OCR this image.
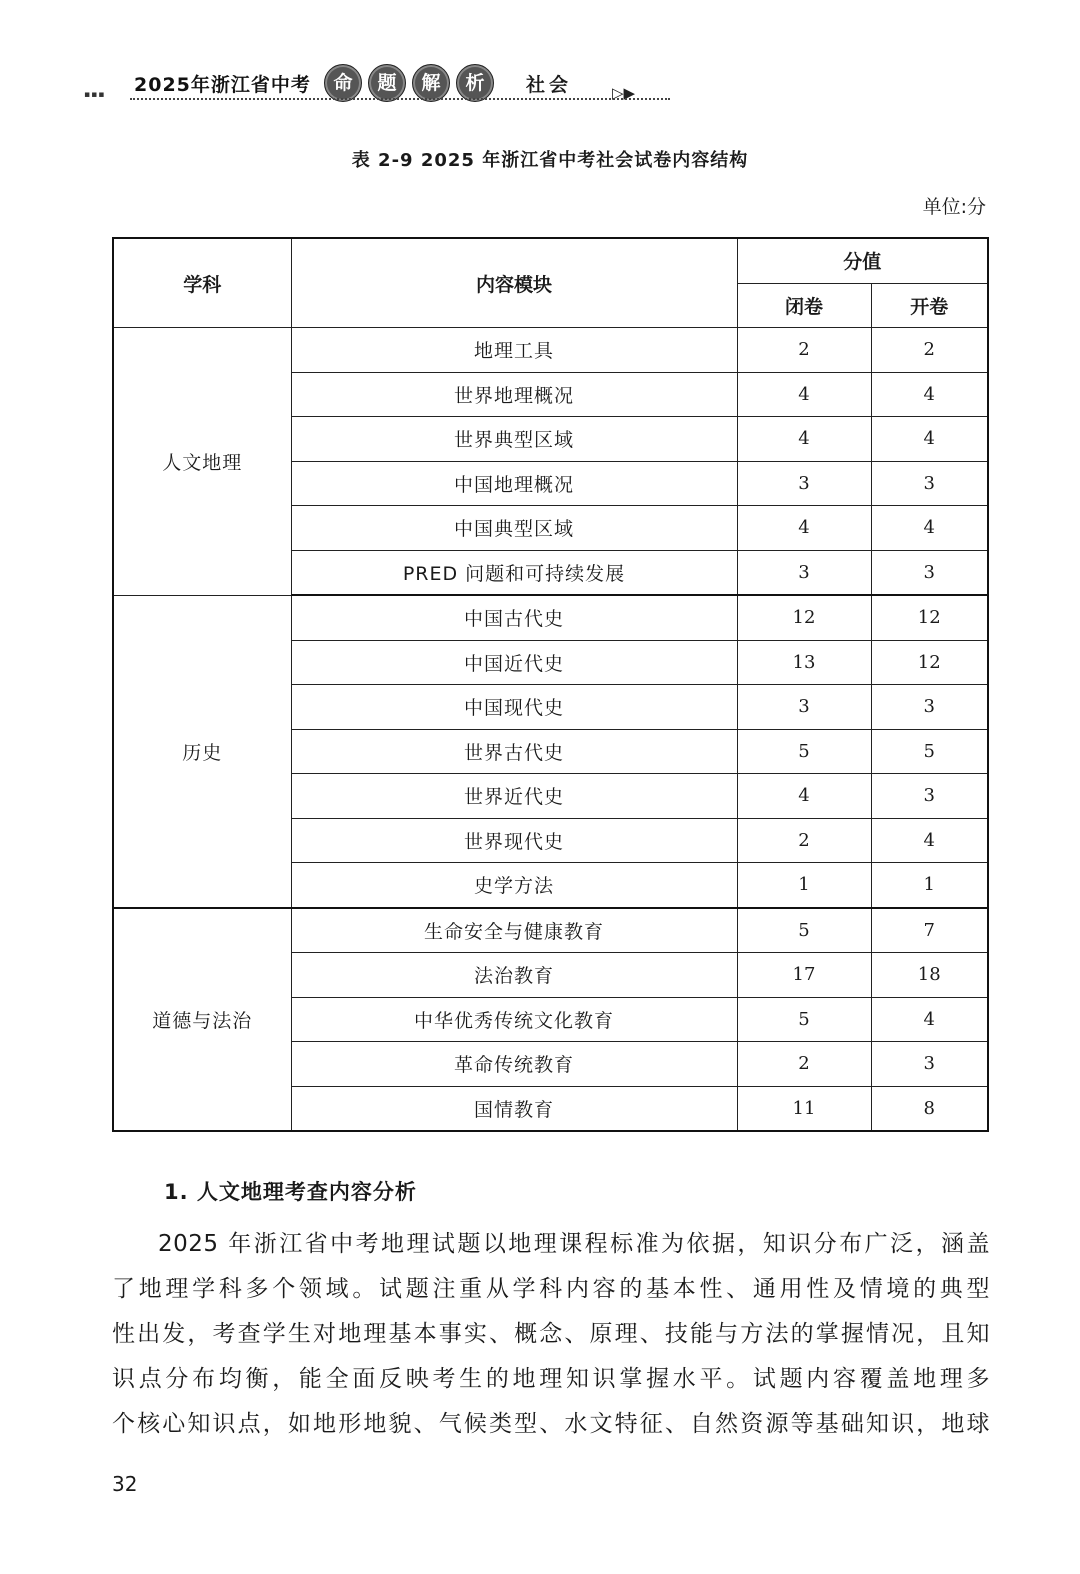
▪▪▪ 2025年浙江省中考	命	题	解	析	社会	▷▶
表 2-9 2025 年浙江省中考社会试卷内容结构
单位:分
学科	内容模块	分值	
		闭卷	开卷
人文地理	地理工具	2	2
	世界地理概况	4	4
	世界典型区域	4	4
	中国地理概况	3	3
	中国典型区域	4	4
	PRED 问题和可持续发展	3	3
历史	中国古代史	12	12
	中国近代史	13	12
	中国现代史	3	3
	世界古代史	5	5
	世界近代史	4	3
	世界现代史	2	4
	史学方法	1	1
道德与法治	生命安全与健康教育	5	7
	法治教育	17	18
	中华优秀传统文化教育	5	4
	革命传统教育	2	3
	国情教育	11	8
1. 人文地理考查内容分析
2025 年浙江省中考地理试题以地理课程标准为依据，知识分布广泛，涵盖
了地理学科多个领域。试题注重从学科内容的基本性、通用性及情境的典型
性出发，考查学生对地理基本事实、概念、原理、技能与方法的掌握情况，且知
识点分布均衡，能全面反映考生的地理知识掌握水平。试题内容覆盖地理多
个核心知识点，如地形地貌、气候类型、水文特征、自然资源等基础知识，地球
32
